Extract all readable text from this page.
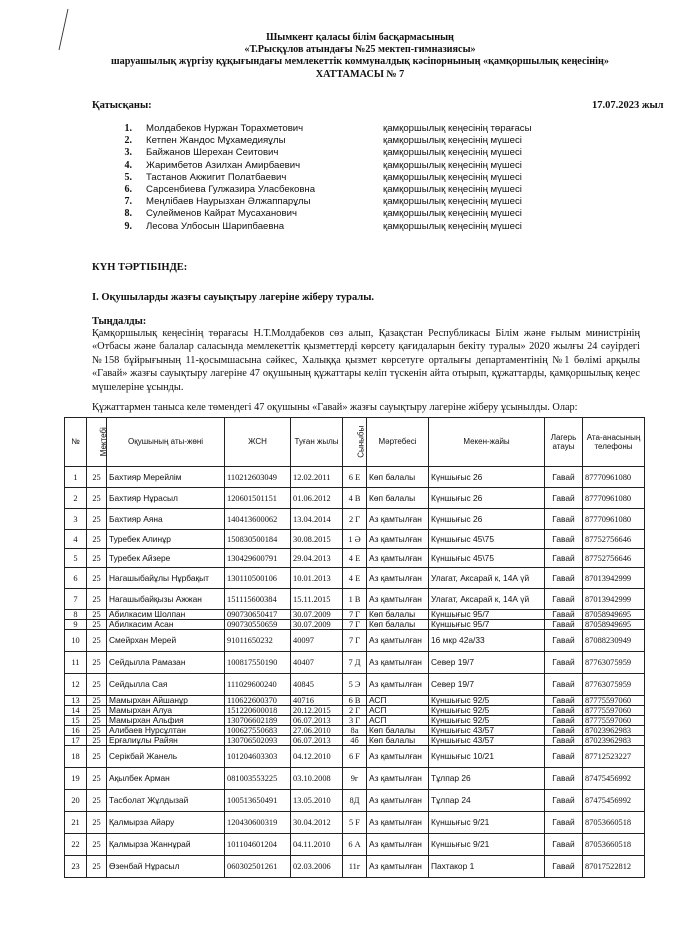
Шымкент қаласы білім басқармасының
«Т.Рысқұлов атындағы №25 мектеп-гимназиясы»
шаруашылық жүргізу құқығындағы мемлекеттік коммуналдық кәсіпорнының «қамқоршылық кеңесінің»
ХАТТАМАСЫ № 7
Қатысқаны:	17.07.2023 жыл
1. Молдабеков Нуржан Торахметович	қамқоршылық кеңесінің төрағасы
2. Кетпен Жандос Мұхамедияұлы	қамқоршылық кеңесінің мүшесі
3. Байжанов Шерехан Сеитович	қамқоршылық кеңесінің мүшесі
4. Жаримбетов Азилхан Амирбаевич	қамқоршылық кеңесінің мүшесі
5. Тастанов Акжигит Полатбаевич	қамқоршылық кеңесінің мүшесі
6. Сарсенбиева Гулжазира Уласбековна	қамқоршылық кеңесінің мүшесі
7. Меңлібаев Наурызхан Әлжаппарұлы	қамқоршылық кеңесінің мүшесі
8. Сулейменов Кайрат Мусаханович	қамқоршылық кеңесінің мүшесі
9. Лесова Улбосын Шарипбаевна	қамқоршылық кеңесінің мүшесі
КҮН ТӘРТІБІНДЕ:
І. Оқушыларды жазғы сауықтыру лагеріне жіберу туралы.
Тыңдалды:
Қамқоршылық кеңесінің төрағасы Н.Т.Молдабеков сөз алып, Қазақстан Республикасы Білім және ғылым министрінің «Отбасы және балалар саласында мемлекеттік қызметтерді көрсету қағидаларын бекіту туралы» 2020 жылғы 24 сәуірдегі №158 бұйрығының 11-қосымшасына сәйкес, Халыққа қызмет көрсетуге орталығы департаментінің №1 бөлімі арқылы «Гавай» жазғы сауықтыру лагеріне 47 оқушының құжаттары келіп түскенін айта отырып, құжаттарды, қамқоршылық кеңес мүшелеріне ұсынды.
Құжаттармен таныса келе төмендегі 47 оқушыны «Гавай» жазғы сауықтыру лагеріне жіберу ұсынылды. Олар:
№	Мектебі	Оқушының аты-жөні	ЖСН	Туған жылы	Сыныбы	Мәртебесі	Мекен-жайы	Лагерь атауы	Ата-анасының телефоны
1	25	Бахтияр Мерейлім	110212603049	12.02.2011	6 Е	Көп балалы	Күншығыс 26	Гавай	87770961080
2	25	Бахтияр Нұрасыл	120601501151	01.06.2012	4 В	Көп балалы	Күншығыс 26	Гавай	87770961080
3	25	Бахтияр Аяна	140413600062	13.04.2014	2 Г	Аз қамтылған	Күншығыс 26	Гавай	87770961080
4	25	Туребек Алинұр	150830500184	30.08.2015	1 Ә	Аз қамтылған	Күншығыс 45\75	Гавай	87752756646
5	25	Туребек Айзере	130429600791	29.04.2013	4 Е	Аз қамтылған	Күншығыс 45\75	Гавай	87752756646
6	25	Нагашыбайұлы Нұрбақыт	130110500106	10.01.2013	4 Е	Аз қамтылған	Улагат, Аксарай к, 14А үй	Гавай	87013942999
7	25	Нагашыбайқызы Ажжан	151115600384	15.11.2015	1 В	Аз қамтылған	Улагат, Аксарай к, 14А үй	Гавай	87013942999
8	25	Абилкасим Шолпан	090730650417	30.07.2009	7 Г	Көп балалы	Күншығыс 95/7	Гавай	87058949695
9	25	Абилкасим Асан	090730550659	30.07.2009	7 Г	Көп балалы	Күншығыс 95/7	Гавай	87058949695
10	25	Смейрхан Мерей	91011650232	40097	7 Г	Аз қамтылған	16 мкр 42а/33	Гавай	87088230949
11	25	Сейдылла Рамазан	100817550190	40407	7 Д	Аз қамтылған	Север 19/7	Гавай	87763075959
12	25	Сейдылла Сая	111029600240	40845	5 Э	Аз қамтылған	Север 19/7	Гавай	87763075959
13	25	Мамырхан Айшанұр	110622600370	40716	6 В	АСП	Күншығыс 92/5	Гавай	87775597060
14	25	Мамырхан Алуа	151220600018	20.12.2015	2 Г	АСП	Күншығыс 92/5	Гавай	87775597060
15	25	Мамырхан Альфия	130706602189	06.07.2013	3 Г	АСП	Күншығыс 92/5	Гавай	87775597060
16	25	Алибаев Нурсұлтан	100627550683	27.06.2010	8а	Көп балалы	Күншығыс 43/57	Гавай	87023962983
17	25	Ерғалиұлы Райян	130706502093	06.07.2013	4б	Көп балалы	Күншығыс 43/57	Гавай	87023962983
18	25	Серікбай Жанель	101204603303	04.12.2010	6 F	Аз қамтылған	Күншығыс 10/21	Гавай	87712523227
19	25	Ақылбек Арман	081003553225	03.10.2008	9г	Аз қамтылған	Тұлпар 26	Гавай	87475456992
20	25	Тасболат Жұлдызай	100513650491	13.05.2010	8Д	Аз қамтылған	Тұлпар 24	Гавай	87475456992
21	25	Қалмырза Айару	120430600319	30.04.2012	5 F	Аз қамтылған	Күншығыс 9/21	Гавай	87053660518
22	25	Қалмырза Жаннұрай	101104601204	04.11.2010	6 А	Аз қамтылған	Күншығыс 9/21	Гавай	87053660518
23	25	Өзенбай Нұрасыл	060302501261	02.03.2006	11г	Аз қамтылған	Пахтакор 1	Гавай	87017522812
